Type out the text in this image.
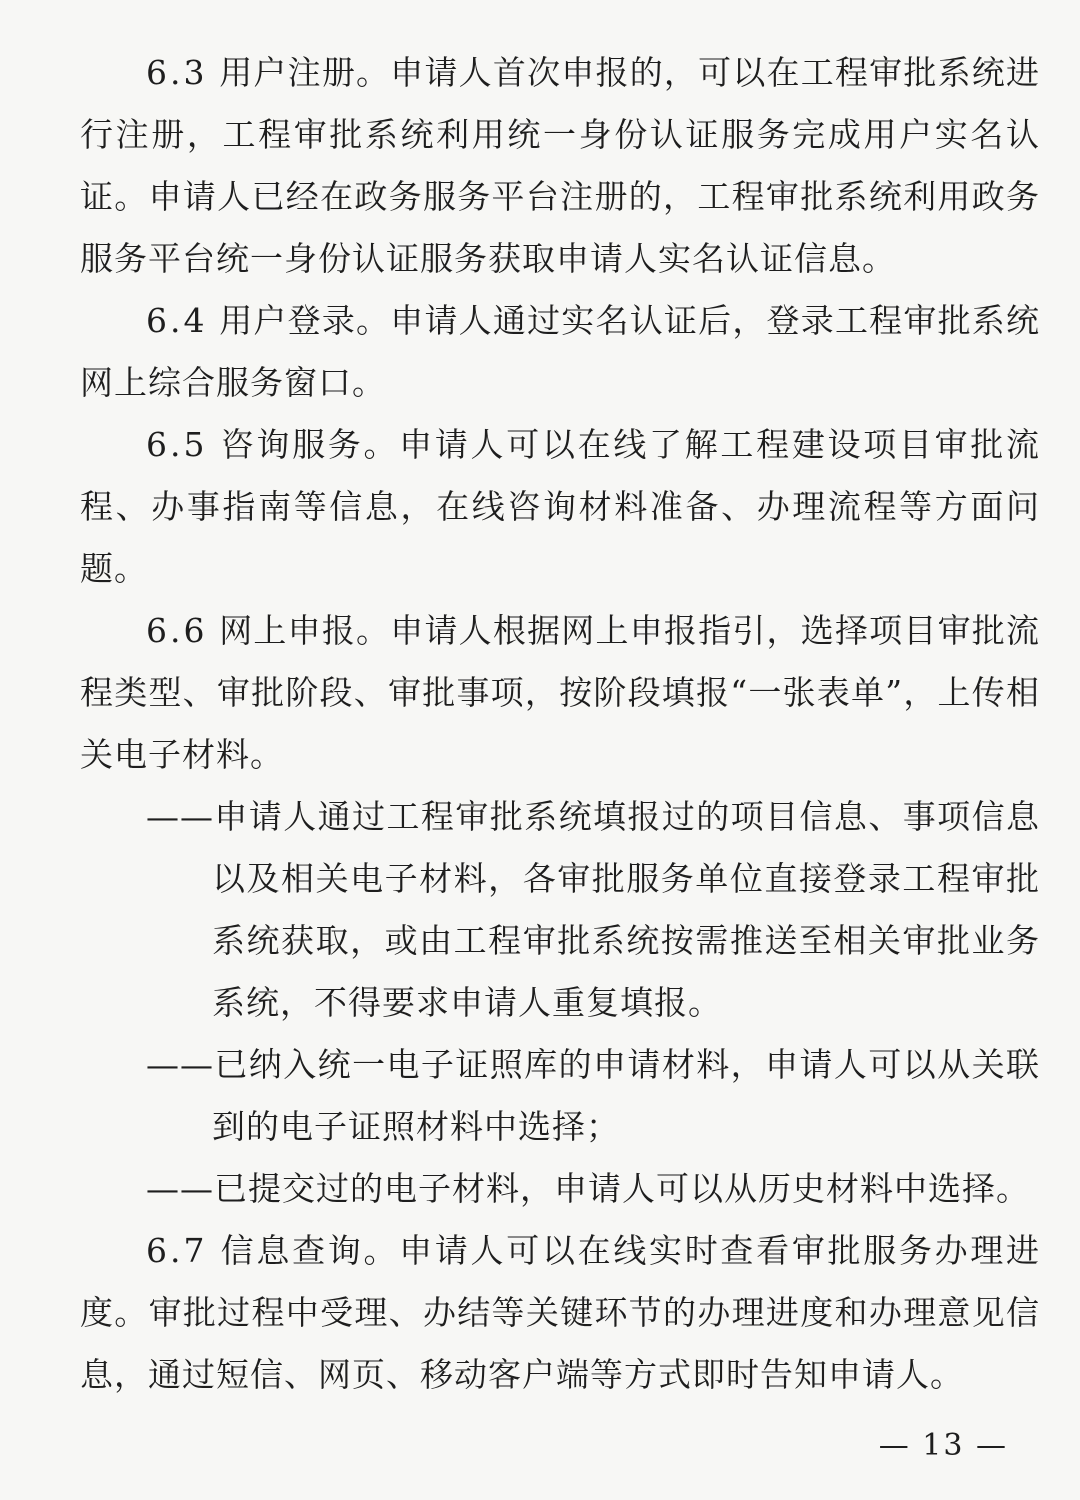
6.3 用户注册。申请人首次申报的，可以在工程审批系统进行注册，工程审批系统利用统一身份认证服务完成用户实名认证。申请人已经在政务服务平台注册的，工程审批系统利用政务服务平台统一身份认证服务获取申请人实名认证信息。

6.4 用户登录。申请人通过实名认证后，登录工程审批系统网上综合服务窗口。

6.5 咨询服务。申请人可以在线了解工程建设项目审批流程、办事指南等信息，在线咨询材料准备、办理流程等方面问题。

6.6 网上申报。申请人根据网上申报指引，选择项目审批流程类型、审批阶段、审批事项，按阶段填报“一张表单”，上传相关电子材料。

——申请人通过工程审批系统填报过的项目信息、事项信息以及相关电子材料，各审批服务单位直接登录工程审批系统获取，或由工程审批系统按需推送至相关审批业务系统，不得要求申请人重复填报。

——已纳入统一电子证照库的申请材料，申请人可以从关联到的电子证照材料中选择；

——已提交过的电子材料，申请人可以从历史材料中选择。

6.7 信息查询。申请人可以在线实时查看审批服务办理进度。审批过程中受理、办结等关键环节的办理进度和办理意见信息，通过短信、网页、移动客户端等方式即时告知申请人。

— 13 —
